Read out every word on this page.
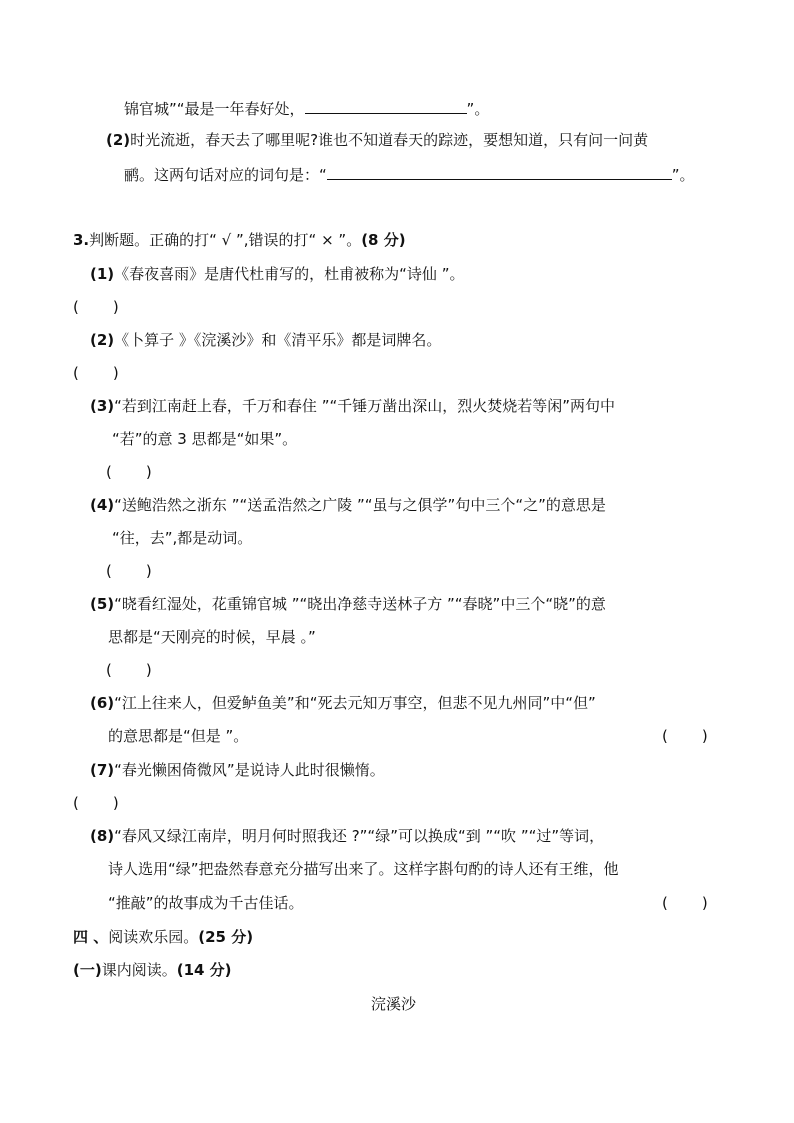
锦官城”“最是一年春好处，	”。
(2)时光流逝，春天去了哪里呢?谁也不知道春天的踪迹，要想知道，只有问一问黄
鹂。这两句话对应的词句是：“	”。
3.判断题。正确的打“ √ ”,错误的打“ × ”。(8 分)
(1)《春夜喜雨》是唐代杜甫写的，杜甫被称为“诗仙 ”。
( )
(2)《卜算子 》《浣溪沙》和《清平乐》都是词牌名。
( )
(3)“若到江南赶上春，千万和春住 ”“千锤万凿出深山，烈火焚烧若等闲”两句中
“若”的意 3 思都是“如果”。
( )
(4)“送鲍浩然之浙东 ”“送孟浩然之广陵 ”“虽与之俱学”句中三个“之”的意思是
“往，去”,都是动词。
( )
(5)“晓看红湿处，花重锦官城 ”“晓出净慈寺送林子方 ”“春晓”中三个“晓”的意
思都是“天刚亮的时候，早晨 。”
( )
(6)“江上往来人，但爱鲈鱼美”和“死去元知万事空，但悲不见九州同”中“但”
的意思都是“但是 ”。	( )
(7)“春光懒困倚微风”是说诗人此时很懒惰。
( )
(8)“春风又绿江南岸，明月何时照我还 ?”“绿”可以换成“到 ”“吹 ”“过”等词，
诗人选用“绿”把盎然春意充分描写出来了。这样字斟句酌的诗人还有王维，他
“推敲”的故事成为千古佳话。	( )
四 、阅读欢乐园。(25 分)
(一)课内阅读。(14 分)
浣溪沙
